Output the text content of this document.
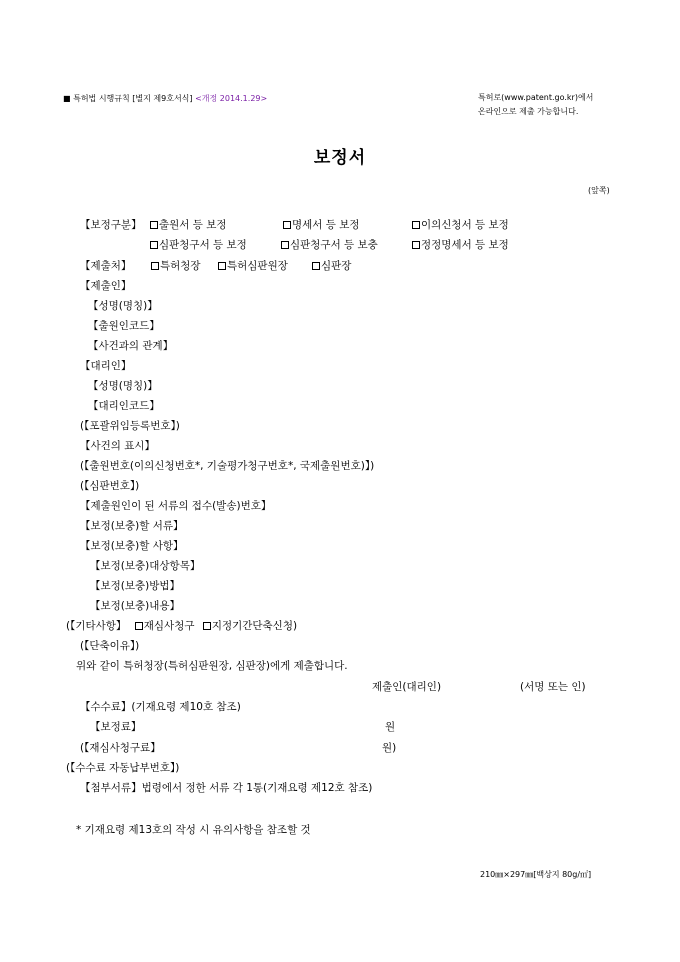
■ 특허법 시행규칙 [별지 제9호서식] <개정 2014.1.29>	특허로(www.patent.go.kr)에서
온라인으로 제출 가능합니다.
보정서
(앞쪽)
【보정구분】	출원서 등 보정	명세서 등 보정	이의신청서 등 보정
심판청구서 등 보정	심판청구서 등 보충	정정명세서 등 보정
【제출처】	특허청장	특허심판원장	심판장
【제출인】
【성명(명칭)】
【출원인코드】
【사건과의 관계】
【대리인】
【성명(명칭)】
【대리인코드】
(【포괄위임등록번호】)
【사건의 표시】
(【출원번호(이의신청번호*, 기술평가청구번호*, 국제출원번호)】)
(【심판번호】)
【제출원인이 된 서류의 접수(발송)번호】
【보정(보충)할 서류】
【보정(보충)할 사항】
【보정(보충)대상항목】
【보정(보충)방법】
【보정(보충)내용】
(【기타사항】 재심사청구 지정기간단축신청)
(【단축이유】)
위와 같이 특허청장(특허심판원장, 심판장)에게 제출합니다.
제출인(대리인)	(서명 또는 인)
【수수료】(기재요령 제10호 참조)
【보정료】	원
(【재심사청구료】	원)
(【수수료 자동납부번호】)
【첨부서류】법령에서 정한 서류 각 1통(기재요령 제12호 참조)
* 기재요령 제13호의 작성 시 유의사항을 참조할 것
210㎜×297㎜[백상지 80g/㎡]
